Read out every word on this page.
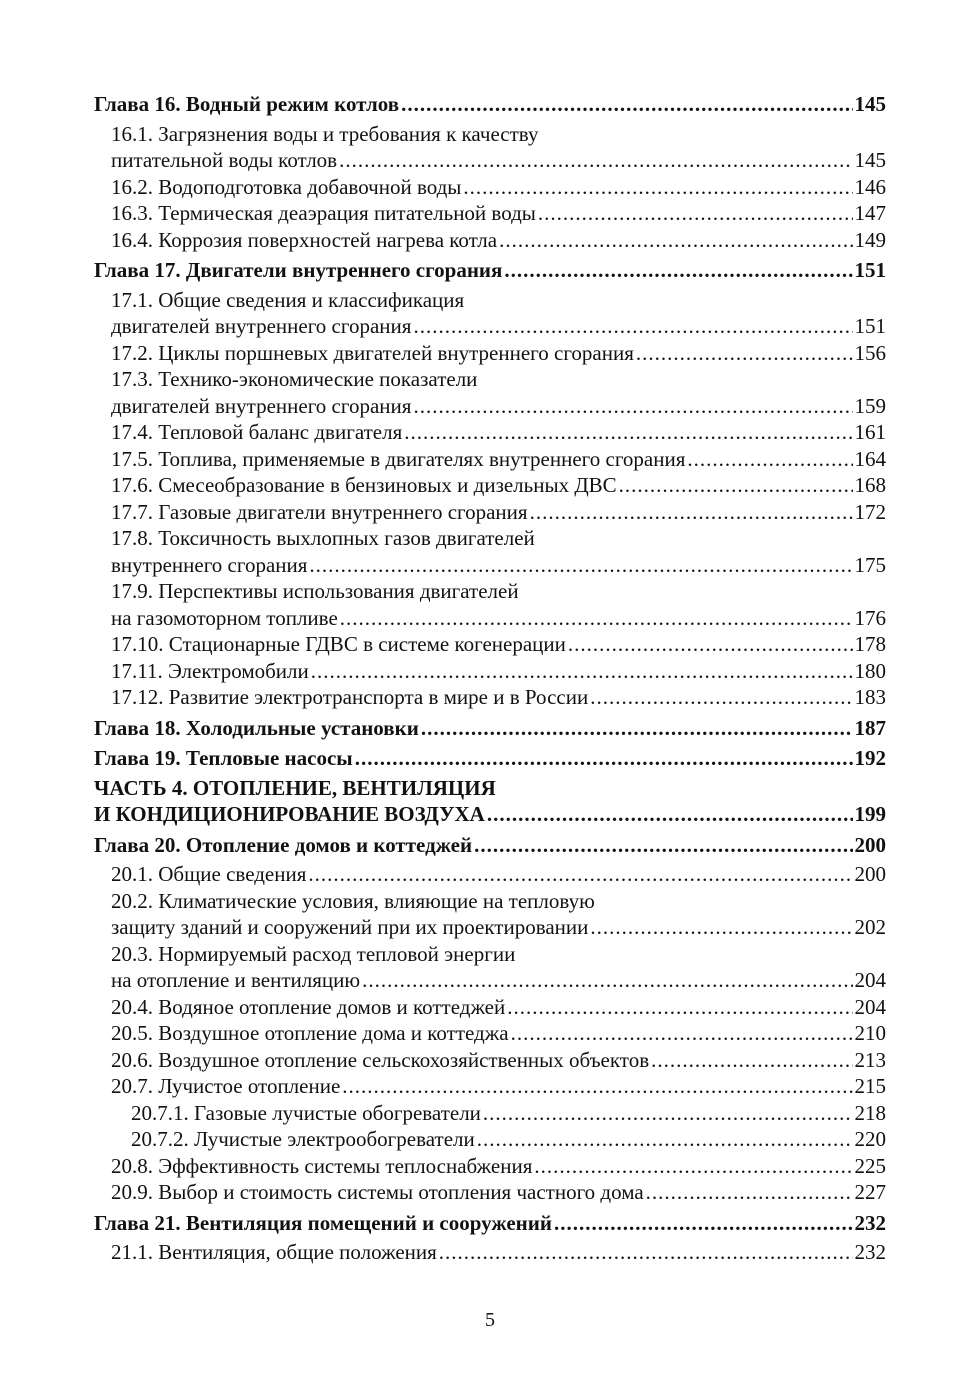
Глава 16. Водный режим котлов .....	145
16.1. Загрязнения воды и требования к качеству
питательной воды котлов .....	145
16.2. Водоподготовка добавочной воды .....	146
16.3. Термическая деаэрация питательной воды .....	147
16.4. Коррозия поверхностей нагрева котла .....	149
Глава 17. Двигатели внутреннего сгорания .....	151
17.1. Общие сведения и классификация
двигателей внутреннего сгорания .....	151
17.2. Циклы поршневых двигателей внутреннего сгорания .....	156
17.3. Технико-экономические показатели
двигателей внутреннего сгорания .....	159
17.4. Тепловой баланс двигателя .....	161
17.5. Топлива, применяемые в двигателях внутреннего сгорания .....	164
17.6. Смесеобразование в бензиновых и дизельных ДВС .....	168
17.7. Газовые двигатели внутреннего сгорания .....	172
17.8. Токсичность выхлопных газов двигателей
внутреннего сгорания .....	175
17.9. Перспективы использования двигателей
на газомоторном топливе .....	176
17.10. Стационарные ГДВС в системе когенерации .....	178
17.11. Электромобили .....	180
17.12. Развитие электротранспорта в мире и в России .....	183
Глава 18. Холодильные установки .....	187
Глава 19. Тепловые насосы .....	192
ЧАСТЬ 4. ОТОПЛЕНИЕ, ВЕНТИЛЯЦИЯ
И КОНДИЦИОНИРОВАНИЕ ВОЗДУХА .....	199
Глава 20. Отопление домов и коттеджей .....	200
20.1. Общие сведения .....	200
20.2. Климатические условия, влияющие на тепловую
защиту зданий и сооружений при их проектировании .....	202
20.3. Нормируемый расход тепловой энергии
на отопление и вентиляцию .....	204
20.4. Водяное отопление домов и коттеджей .....	204
20.5. Воздушное отопление дома и коттеджа .....	210
20.6. Воздушное отопление сельскохозяйственных объектов .....	213
20.7. Лучистое отопление .....	215
20.7.1. Газовые лучистые обогреватели .....	218
20.7.2. Лучистые электрообогреватели .....	220
20.8. Эффективность системы теплоснабжения .....	225
20.9. Выбор и стоимость системы отопления частного дома .....	227
Глава 21. Вентиляция помещений и сооружений .....	232
21.1. Вентиляция, общие положения .....	232
5
